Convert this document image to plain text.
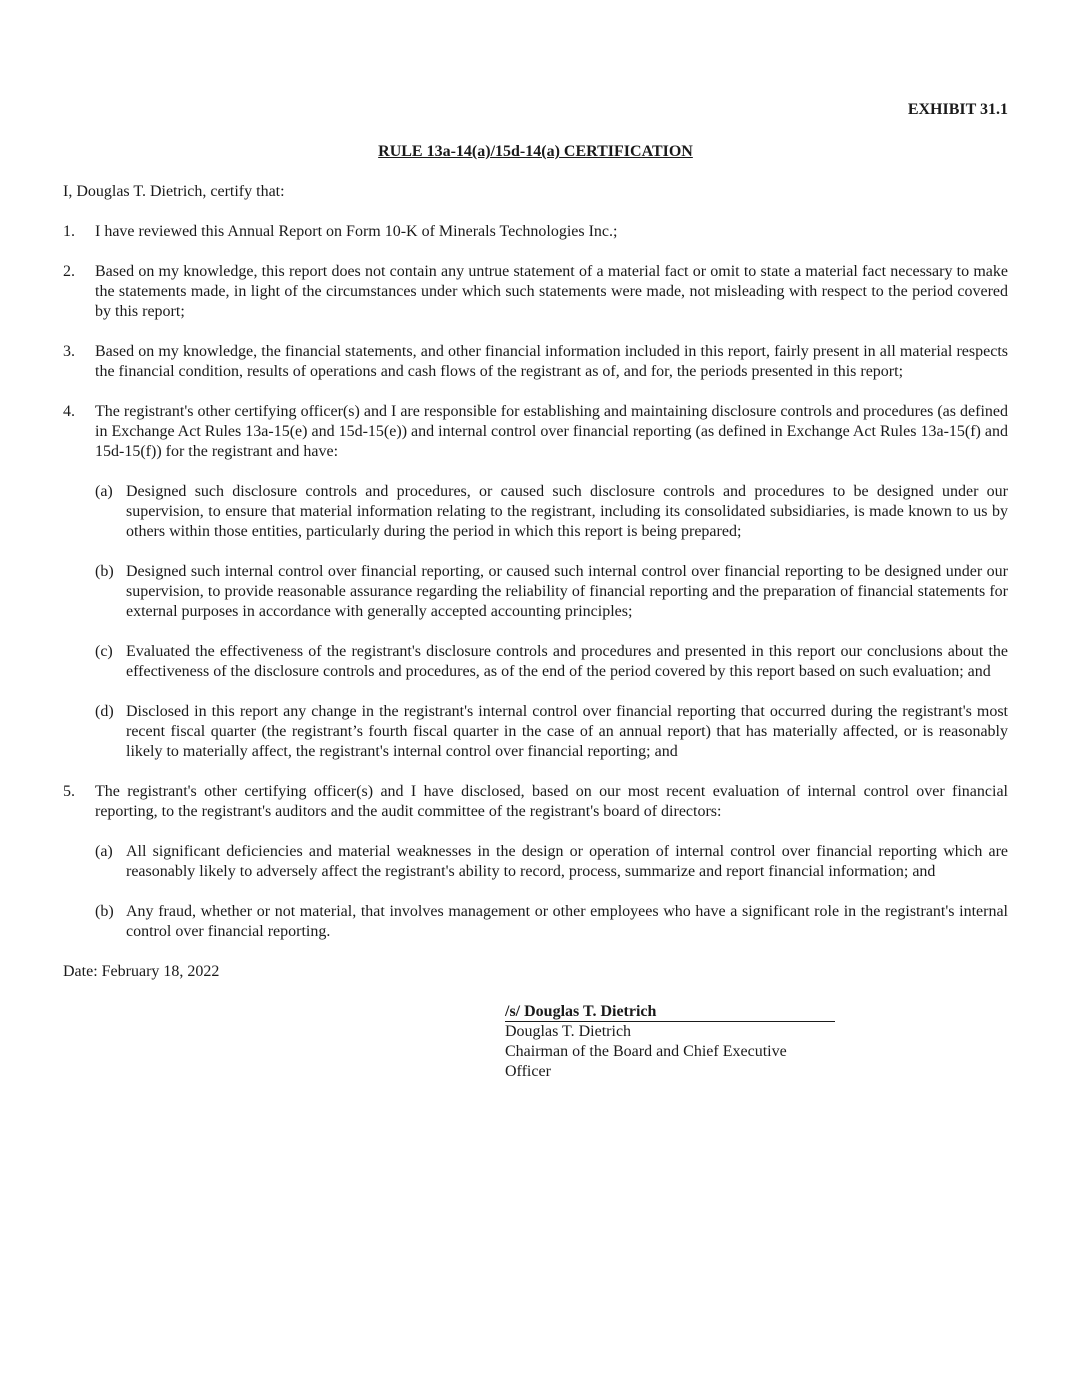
EXHIBIT 31.1

RULE 13a-14(a)/15d-14(a) CERTIFICATION

I, Douglas T. Dietrich, certify that:

1. I have reviewed this Annual Report on Form 10-K of Minerals Technologies Inc.;
2. Based on my knowledge, this report does not contain any untrue statement of a material fact or omit to state a material fact necessary to make the statements made, in light of the circumstances under which such statements were made, not misleading with respect to the period covered by this report;
3. Based on my knowledge, the financial statements, and other financial information included in this report, fairly present in all material respects the financial condition, results of operations and cash flows of the registrant as of, and for, the periods presented in this report;
4. The registrant's other certifying officer(s) and I are responsible for establishing and maintaining disclosure controls and procedures (as defined in Exchange Act Rules 13a-15(e) and 15d-15(e)) and internal control over financial reporting (as defined in Exchange Act Rules 13a-15(f) and 15d-15(f)) for the registrant and have:
(a) Designed such disclosure controls and procedures, or caused such disclosure controls and procedures to be designed under our supervision, to ensure that material information relating to the registrant, including its consolidated subsidiaries, is made known to us by others within those entities, particularly during the period in which this report is being prepared;
(b) Designed such internal control over financial reporting, or caused such internal control over financial reporting to be designed under our supervision, to provide reasonable assurance regarding the reliability of financial reporting and the preparation of financial statements for external purposes in accordance with generally accepted accounting principles;
(c) Evaluated the effectiveness of the registrant's disclosure controls and procedures and presented in this report our conclusions about the effectiveness of the disclosure controls and procedures, as of the end of the period covered by this report based on such evaluation; and
(d) Disclosed in this report any change in the registrant's internal control over financial reporting that occurred during the registrant's most recent fiscal quarter (the registrant’s fourth fiscal quarter in the case of an annual report) that has materially affected, or is reasonably likely to materially affect, the registrant's internal control over financial reporting; and
5. The registrant's other certifying officer(s) and I have disclosed, based on our most recent evaluation of internal control over financial reporting, to the registrant's auditors and the audit committee of the registrant's board of directors:
(a) All significant deficiencies and material weaknesses in the design or operation of internal control over financial reporting which are reasonably likely to adversely affect the registrant's ability to record, process, summarize and report financial information; and
(b) Any fraud, whether or not material, that involves management or other employees who have a significant role in the registrant's internal control over financial reporting.

Date: February 18, 2022

/s/ Douglas T. Dietrich
Douglas T. Dietrich
Chairman of the Board and Chief Executive
Officer
